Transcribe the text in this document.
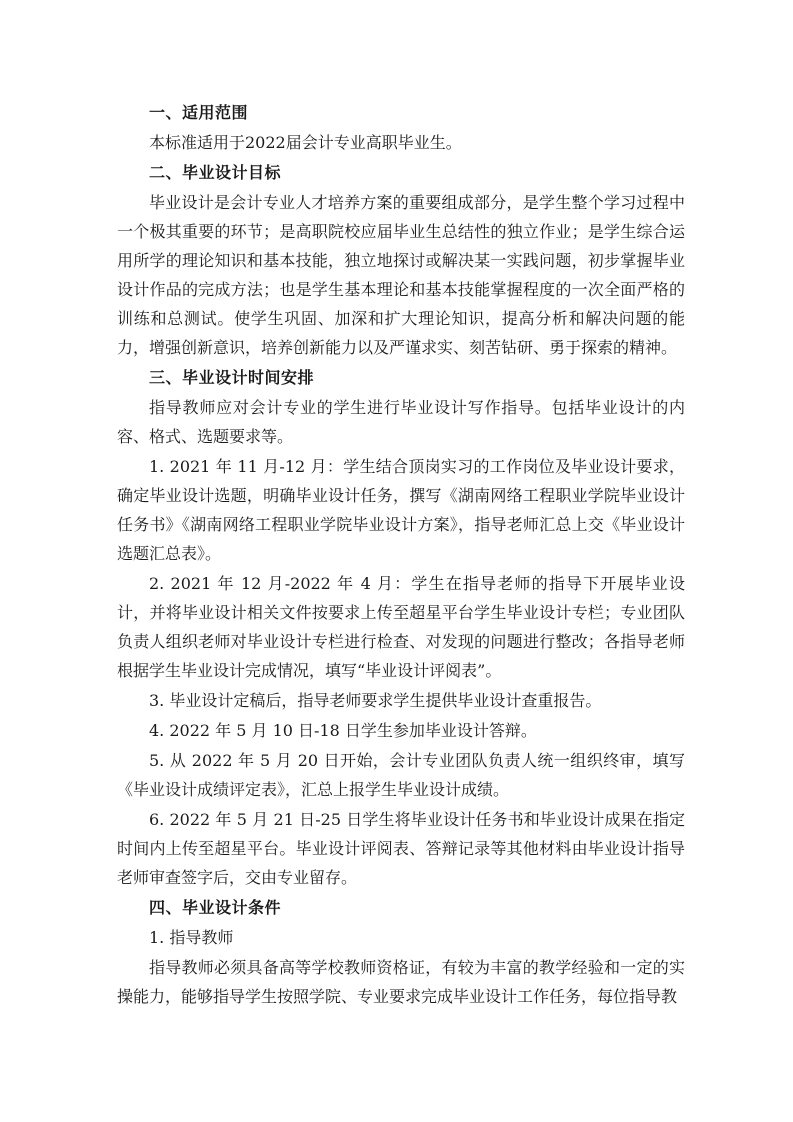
一、适用范围

本标准适用于2022届会计专业高职毕业生。

二、毕业设计目标

毕业设计是会计专业人才培养方案的重要组成部分，是学生整个学习过程中一个极其重要的环节；是高职院校应届毕业生总结性的独立作业；是学生综合运用所学的理论知识和基本技能，独立地探讨或解决某一实践问题，初步掌握毕业设计作品的完成方法；也是学生基本理论和基本技能掌握程度的一次全面严格的训练和总测试。使学生巩固、加深和扩大理论知识，提高分析和解决问题的能力，增强创新意识，培养创新能力以及严谨求实、刻苦钻研、勇于探索的精神。

三、毕业设计时间安排

指导教师应对会计专业的学生进行毕业设计写作指导。包括毕业设计的内容、格式、选题要求等。

1. 2021 年 11 月-12 月：学生结合顶岗实习的工作岗位及毕业设计要求，确定毕业设计选题，明确毕业设计任务，撰写《湖南网络工程职业学院毕业设计任务书》《湖南网络工程职业学院毕业设计方案》，指导老师汇总上交《毕业设计选题汇总表》。

2. 2021 年 12 月-2022 年 4 月：学生在指导老师的指导下开展毕业设计，并将毕业设计相关文件按要求上传至超星平台学生毕业设计专栏；专业团队负责人组织老师对毕业设计专栏进行检查、对发现的问题进行整改；各指导老师根据学生毕业设计完成情况，填写“毕业设计评阅表”。

3. 毕业设计定稿后，指导老师要求学生提供毕业设计查重报告。

4. 2022 年 5 月 10 日-18 日学生参加毕业设计答辩。

5. 从 2022 年 5 月 20 日开始，会计专业团队负责人统一组织终审，填写《毕业设计成绩评定表》，汇总上报学生毕业设计成绩。

6. 2022 年 5 月 21 日-25 日学生将毕业设计任务书和毕业设计成果在指定时间内上传至超星平台。毕业设计评阅表、答辩记录等其他材料由毕业设计指导老师审查签字后，交由专业留存。

四、毕业设计条件

1. 指导教师

指导教师必须具备高等学校教师资格证，有较为丰富的教学经验和一定的实操能力，能够指导学生按照学院、专业要求完成毕业设计工作任务，每位指导教
